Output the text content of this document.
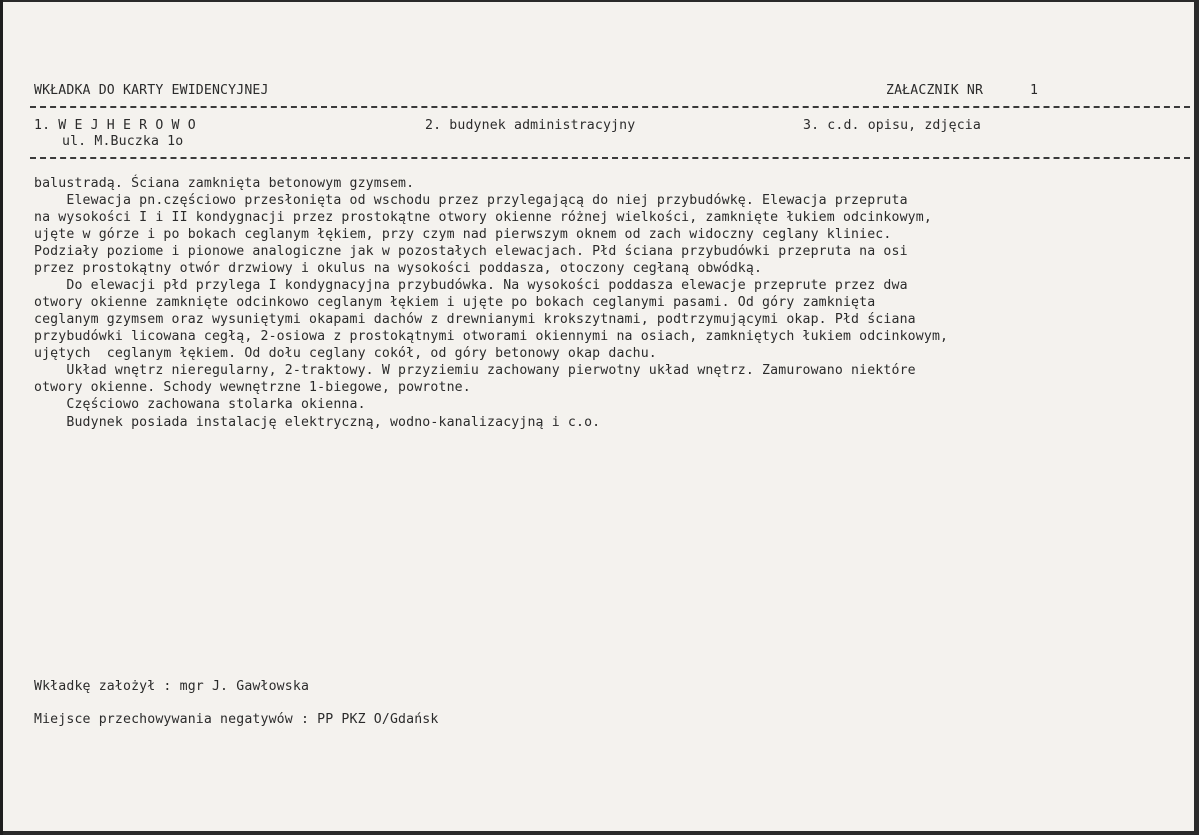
WKŁADKA DO KARTY EWIDENCYJNEJ	ZAŁACZNIK NR	1
1. W E J H E R O W O
ul. M.Buczka 1o
2. budynek administracyjny	3. c.d. opisu, zdjęcia
balustradą. Ściana zamknięta betonowym gzymsem.
Elewacja pn.częściowo przesłonięta od wschodu przez przylegającą do niej przybudówkę. Elewacja przepruta
na wysokości I i II kondygnacji przez prostokątne otwory okienne różnej wielkości, zamknięte łukiem odcinkowym,
ujęte w górze i po bokach ceglanym łękiem, przy czym nad pierwszym oknem od zach widoczny ceglany kliniec.
Podziały poziome i pionowe analogiczne jak w pozostałych elewacjach. Płd ściana przybudówki przepruta na osi
przez prostokątny otwór drzwiowy i okulus na wysokości poddasza, otoczony cegłaną obwódką.
Do elewacji płd przylega I kondygnacyjna przybudówka. Na wysokości poddasza elewacje przeprute przez dwa
otwory okienne zamknięte odcinkowo ceglanym łękiem i ujęte po bokach ceglanymi pasami. Od góry zamknięta
ceglanym gzymsem oraz wysuniętymi okapami dachów z drewnianymi krokszytnami, podtrzymującymi okap. Płd ściana
przybudówki licowana cegłą, 2-osiowa z prostokątnymi otworami okiennymi na osiach, zamkniętych łukiem odcinkowym,
ujętych  ceglanym łękiem. Od dołu ceglany cokół, od góry betonowy okap dachu.
Układ wnętrz nieregularny, 2-traktowy. W przyziemiu zachowany pierwotny układ wnętrz. Zamurowano niektóre
otwory okienne. Schody wewnętrzne 1-biegowe, powrotne.
Częściowo zachowana stolarka okienna.
Budynek posiada instalację elektryczną, wodno-kanalizacyjną i c.o.
Wkładkę założył : mgr J. Gawłowska
Miejsce przechowywania negatywów : PP PKZ O/Gdańsk
